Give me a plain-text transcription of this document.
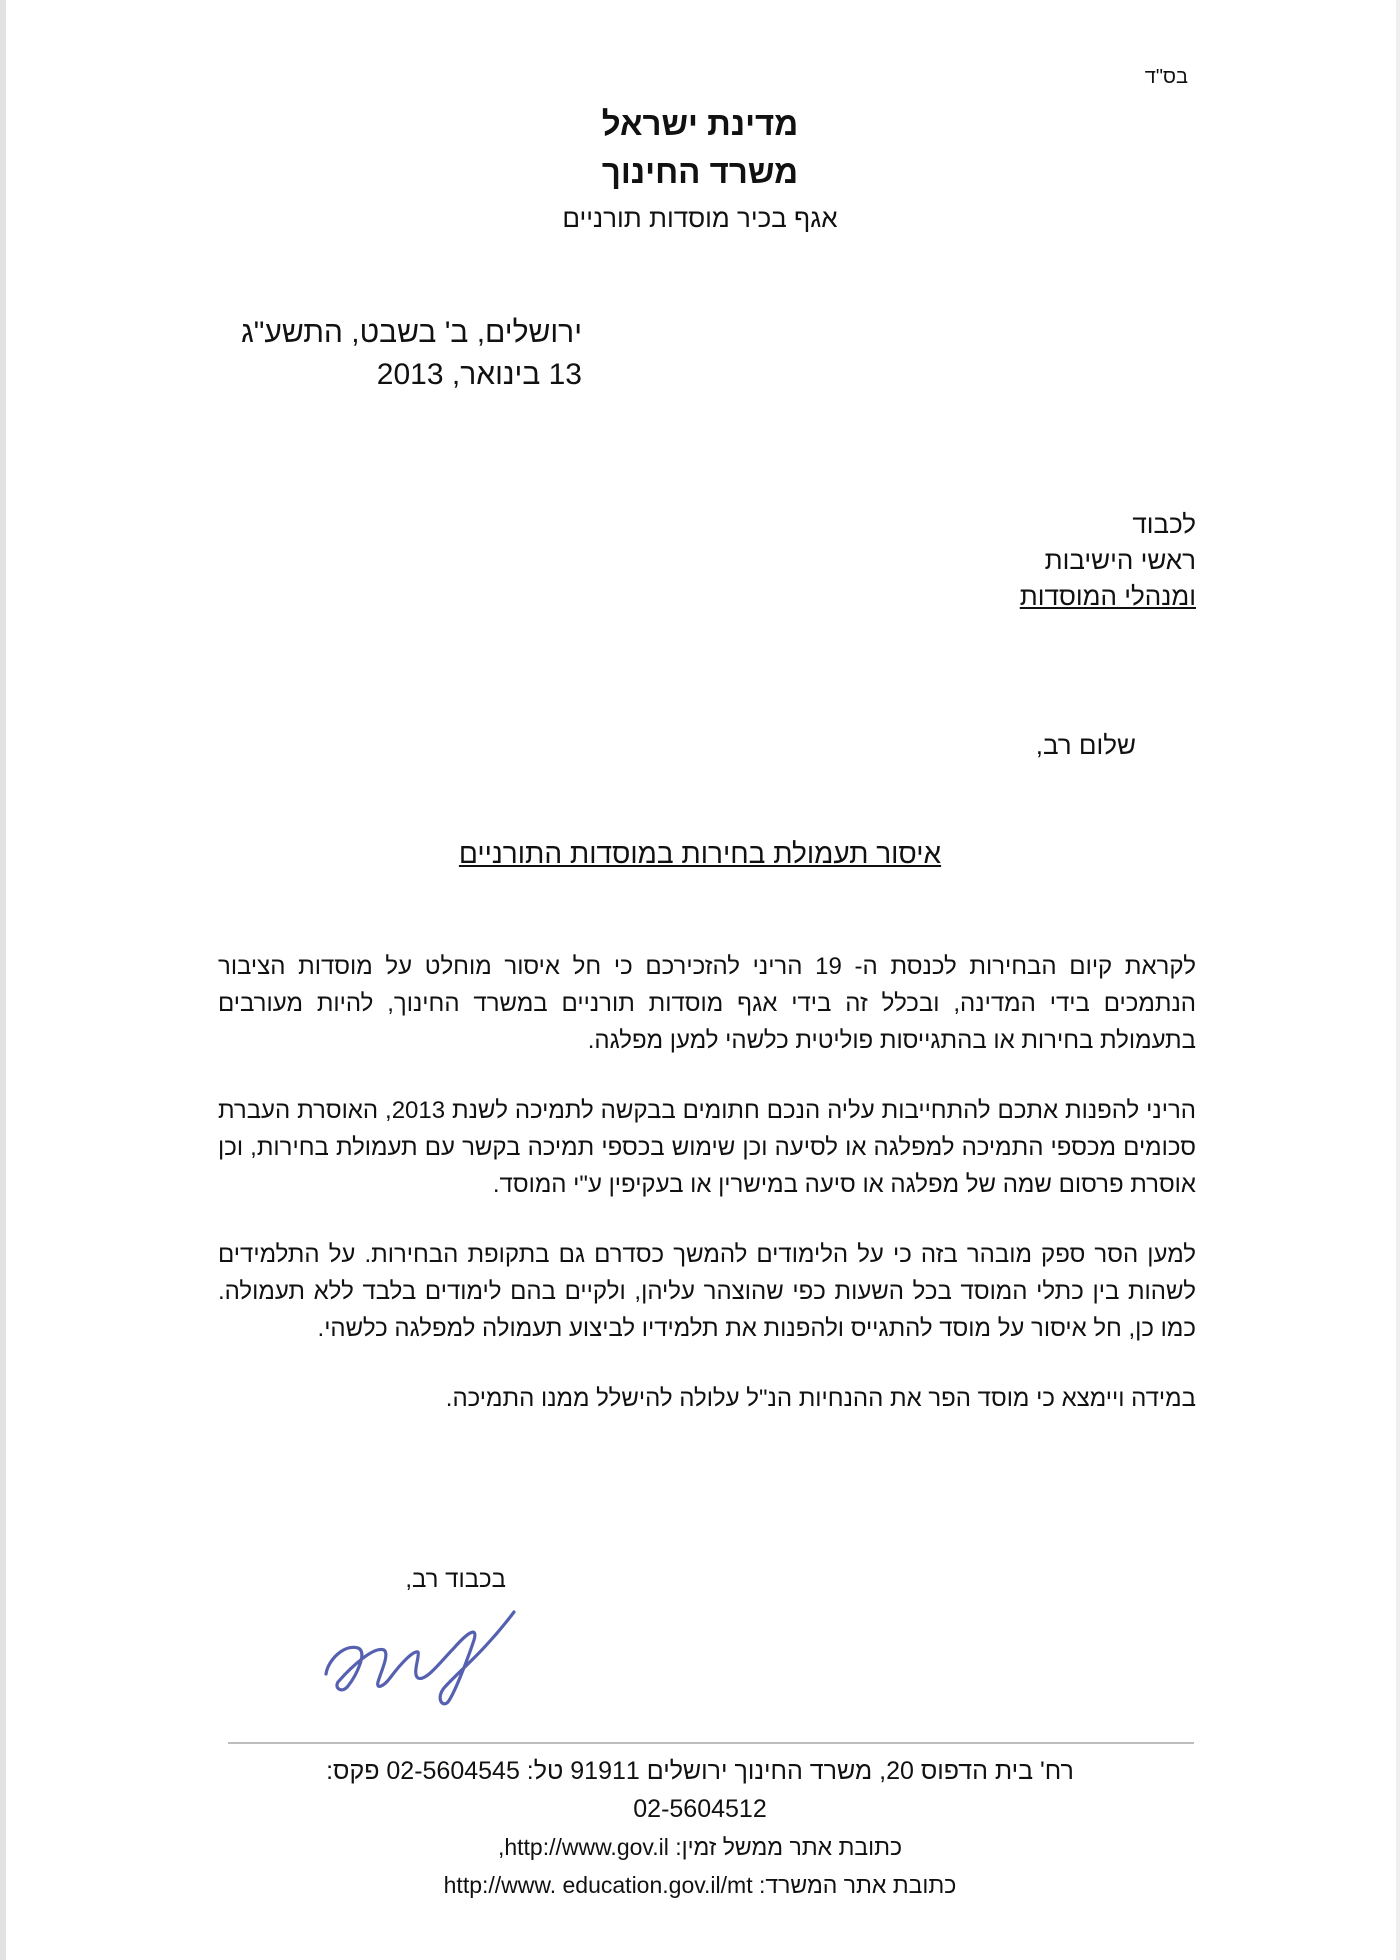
בס"ד
מדינת ישראל
משרד החינוך
אגף בכיר מוסדות תורניים
ירושלים, ב' בשבט, התשע"ג
13 בינואר, 2013
לכבוד
ראשי הישיבות
ומנהלי המוסדות
שלום רב,
איסור תעמולת בחירות במוסדות התורניים

לקראת קיום הבחירות לכנסת ה- 19 הריני להזכירכם כי חל איסור מוחלט על מוסדות הציבור הנתמכים בידי המדינה, ובכלל זה בידי אגף מוסדות תורניים במשרד החינוך, להיות מעורבים בתעמולת בחירות או בהתגייסות פוליטית כלשהי למען מפלגה.

הריני להפנות אתכם להתחייבות עליה הנכם חתומים בבקשה לתמיכה לשנת 2013, האוסרת העברת סכומים מכספי התמיכה למפלגה או לסיעה וכן שימוש בכספי תמיכה בקשר עם תעמולת בחירות, וכן אוסרת פרסום שמה של מפלגה או סיעה במישרין או בעקיפין ע"י המוסד.

למען הסר ספק מובהר בזה כי על הלימודים להמשך כסדרם גם בתקופת הבחירות. על התלמידים לשהות בין כתלי המוסד בכל השעות כפי שהוצהר עליהן, ולקיים בהם לימודים בלבד ללא תעמולה. כמו כן, חל איסור על מוסד להתגייס ולהפנות את תלמידיו לביצוע תעמולה למפלגה כלשהי.

במידה ויימצא כי מוסד הפר את ההנחיות הנ"ל עלולה להישלל ממנו התמיכה.

בכבוד רב,
רח' בית הדפוס 20, משרד החינוך ירושלים 91911 טל: 02-5604545 פקס:
02-5604512
כתובת אתר ממשל זמין: http://www.gov.il,
כתובת אתר המשרד: http://www. education.gov.il/mt
